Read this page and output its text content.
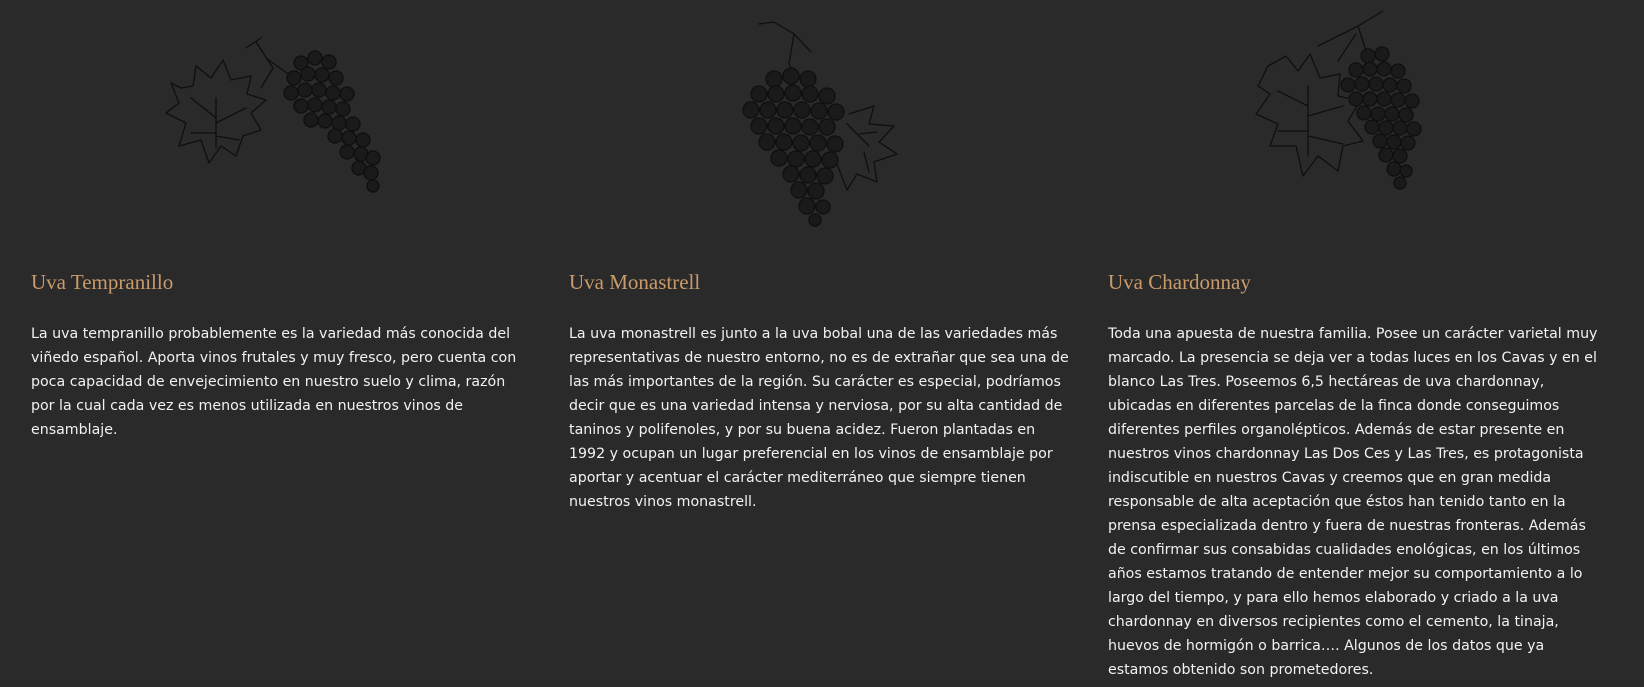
Uva Tempranillo

La uva tempranillo probablemente es la variedad más conocida del viñedo español. Aporta vinos frutales y muy fresco, pero cuenta con poca capacidad de envejecimiento en nuestro suelo y clima, razón por la cual cada vez es menos utilizada en nuestros vinos de ensamblaje.

Uva Monastrell

La uva monastrell es junto a la uva bobal una de las variedades más representativas de nuestro entorno, no es de extrañar que sea una de las más importantes de la región. Su carácter es especial, podríamos decir que es una variedad intensa y nerviosa, por su alta cantidad de taninos y polifenoles, y por su buena acidez. Fueron plantadas en 1992 y ocupan un lugar preferencial en los vinos de ensamblaje por aportar y acentuar el carácter mediterráneo que siempre tienen nuestros vinos monastrell.

Uva Chardonnay

Toda una apuesta de nuestra familia. Posee un carácter varietal muy marcado. La presencia se deja ver a todas luces en los Cavas y en el blanco Las Tres. Poseemos 6,5 hectáreas de uva chardonnay, ubicadas en diferentes parcelas de la finca donde conseguimos diferentes perfiles organolépticos. Además de estar presente en nuestros vinos chardonnay Las Dos Ces y Las Tres, es protagonista indiscutible en nuestros Cavas y creemos que en gran medida responsable de alta aceptación que éstos han tenido tanto en la prensa especializada dentro y fuera de nuestras fronteras. Además de confirmar sus consabidas cualidades enológicas, en los últimos años estamos tratando de entender mejor su comportamiento a lo largo del tiempo, y para ello hemos elaborado y criado a la uva chardonnay en diversos recipientes como el cemento, la tinaja, huevos de hormigón o barrica…. Algunos de los datos que ya estamos obtenido son prometedores.
